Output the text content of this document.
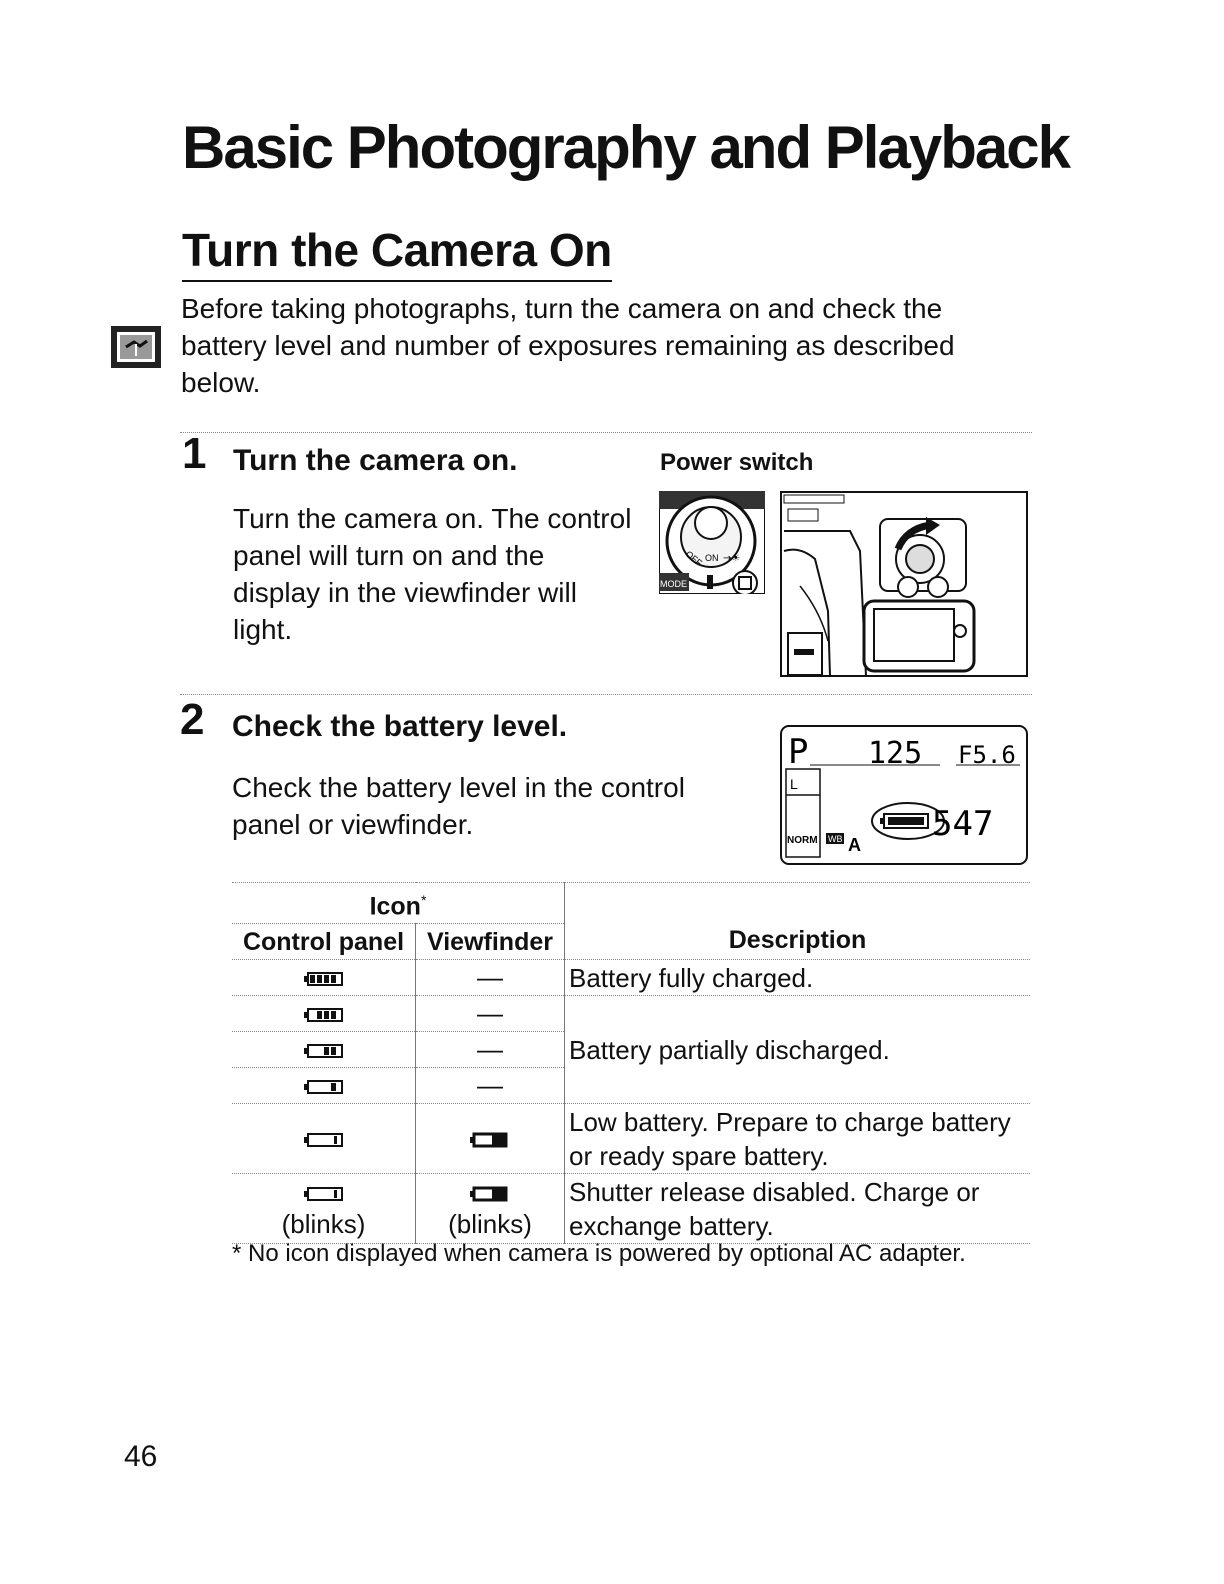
Basic Photography and Playback
Turn the Camera On
Before taking photographs, turn the camera on and check the battery level and number of exposures remaining as described below.
1 Turn the camera on.
Turn the camera on. The control panel will turn on and the display in the viewfinder will light.
Power switch
OFF ON →☀
MODE
2 Check the battery level.
Check the battery level in the control panel or viewfinder.
P 125 F5.6
L
NORM WB A
547
Icon*		Description
Control panel	Viewfinder	
	—	Battery fully charged.
	—	Battery partially discharged.
	—	
	—	
		Low battery. Prepare to charge battery or ready spare battery.

(blinks)	(blinks)	Shutter release disabled. Charge or exchange battery.
* No icon displayed when camera is powered by optional AC adapter.
46
